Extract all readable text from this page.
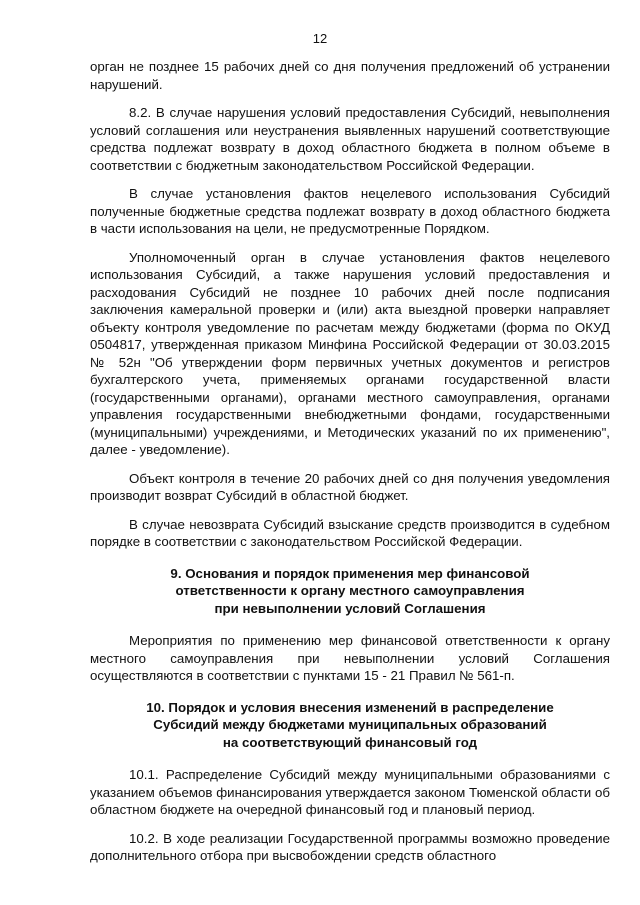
12

орган не позднее 15 рабочих дней со дня получения предложений об устранении нарушений.

8.2. В случае нарушения условий предоставления Субсидий, невыполнения условий соглашения или неустранения выявленных нарушений соответствующие средства подлежат возврату в доход областного бюджета в полном объеме в соответствии с бюджетным законодательством Российской Федерации.

В случае установления фактов нецелевого использования Субсидий полученные бюджетные средства подлежат возврату в доход областного бюджета в части использования на цели, не предусмотренные Порядком.

Уполномоченный орган в случае установления фактов нецелевого использования Субсидий, а также нарушения условий предоставления и расходования Субсидий не позднее 10 рабочих дней после подписания заключения камеральной проверки и (или) акта выездной проверки направляет объекту контроля уведомление по расчетам между бюджетами (форма по ОКУД 0504817, утвержденная приказом Минфина Российской Федерации от 30.03.2015 № 52н "Об утверждении форм первичных учетных документов и регистров бухгалтерского учета, применяемых органами государственной власти (государственными органами), органами местного самоуправления, органами управления государственными внебюджетными фондами, государственными (муниципальными) учреждениями, и Методических указаний по их применению", далее - уведомление).

Объект контроля в течение 20 рабочих дней со дня получения уведомления производит возврат Субсидий в областной бюджет.

В случае невозврата Субсидий взыскание средств производится в судебном порядке в соответствии с законодательством Российской Федерации.

9. Основания и порядок применения мер финансовой
ответственности к органу местного самоуправления
при невыполнении условий Соглашения

Мероприятия по применению мер финансовой ответственности к органу местного самоуправления при невыполнении условий Соглашения осуществляются в соответствии с пунктами 15 - 21 Правил № 561-п.

10. Порядок и условия внесения изменений в распределение
Субсидий между бюджетами муниципальных образований
на соответствующий финансовый год

10.1. Распределение Субсидий между муниципальными образованиями с указанием объемов финансирования утверждается законом Тюменской области об областном бюджете на очередной финансовый год и плановый период.

10.2. В ходе реализации Государственной программы возможно проведение дополнительного отбора при высвобождении средств областного
